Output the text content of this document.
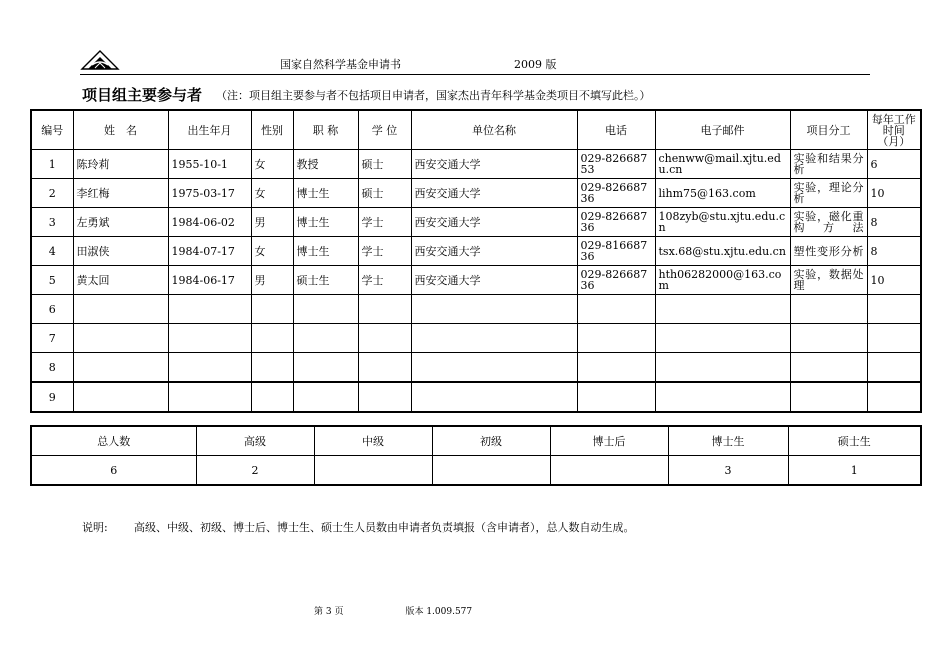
国家自然科学基金申请书	2009 版
项目组主要参与者 （注：项目组主要参与者不包括项目申请者，国家杰出青年科学基金类项目不填写此栏。）
编号	姓　名	出生年月	性别	职 称	学 位	单位名称	电话	电子邮件	项目分工	每年工作时间（月）
1	陈玲莉	1955-10-1	女	教授	硕士	西安交通大学	029-82668753	chenww@mail.xjtu.edu.cn	实验和结果分析	6
2	李红梅	1975-03-17	女	博士生	硕士	西安交通大学	029-82668736	lihm75@163.com	实验，理论分析	10
3	左勇斌	1984-06-02	男	博士生	学士	西安交通大学	029-82668736	108zyb@stu.xjtu.edu.cn	实验，磁化重构方法	8
4	田淑侠	1984-07-17	女	博士生	学士	西安交通大学	029-81668736	tsx.68@stu.xjtu.edu.cn	塑性变形分析	8
5	黄太回	1984-06-17	男	硕士生	学士	西安交通大学	029-82668736	hth06282000@163.com	实验，数据处理	10
6										
7										
8										
9										
总人数	高级	中级	初级	博士后	博士生	硕士生
6	2				3	1
说明: 高级、中级、初级、博士后、博士生、硕士生人员数由申请者负责填报（含申请者），总人数自动生成。
第 3 页	版本 1.009.577
